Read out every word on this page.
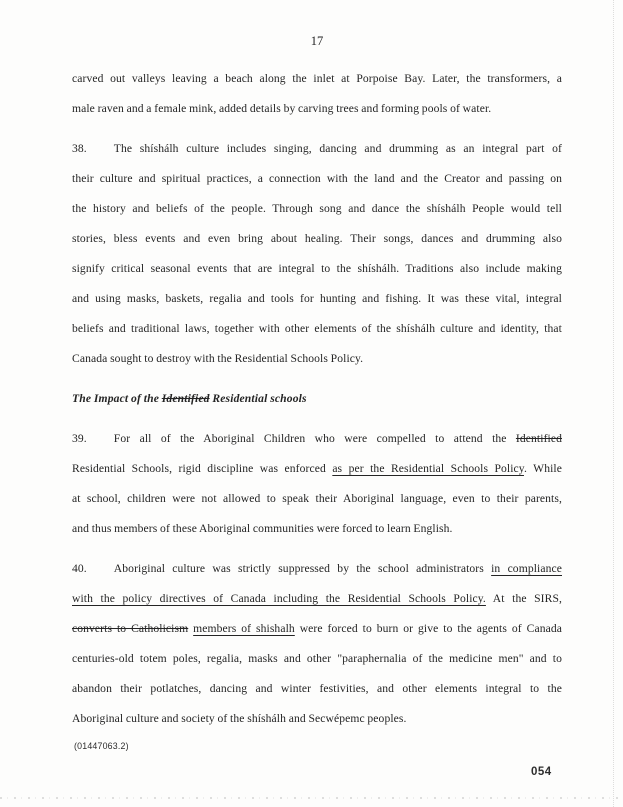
17
carved out valleys leaving a beach along the inlet at Porpoise Bay. Later, the transformers, a
male raven and a female mink, added details by carving trees and forming pools of water.
38. The shíshálh culture includes singing, dancing and drumming as an integral part of
their culture and spiritual practices, a connection with the land and the Creator and passing on
the history and beliefs of the people. Through song and dance the shíshálh People would tell
stories, bless events and even bring about healing. Their songs, dances and drumming also
signify critical seasonal events that are integral to the shíshálh. Traditions also include making
and using masks, baskets, regalia and tools for hunting and fishing. It was these vital, integral
beliefs and traditional laws, together with other elements of the shíshálh culture and identity, that
Canada sought to destroy with the Residential Schools Policy.
The Impact of the Identified Residential schools
39. For all of the Aboriginal Children who were compelled to attend the Identified
Residential Schools, rigid discipline was enforced as per the Residential Schools Policy. While
at school, children were not allowed to speak their Aboriginal language, even to their parents,
and thus members of these Aboriginal communities were forced to learn English.
40. Aboriginal culture was strictly suppressed by the school administrators in compliance
with the policy directives of Canada including the Residential Schools Policy. At the SIRS,
converts to Catholicism members of shishalh were forced to burn or give to the agents of Canada
centuries-old totem poles, regalia, masks and other "paraphernalia of the medicine men" and to
abandon their potlatches, dancing and winter festivities, and other elements integral to the
Aboriginal culture and society of the shíshálh and Secwépemc peoples.
(01447063.2)
054
